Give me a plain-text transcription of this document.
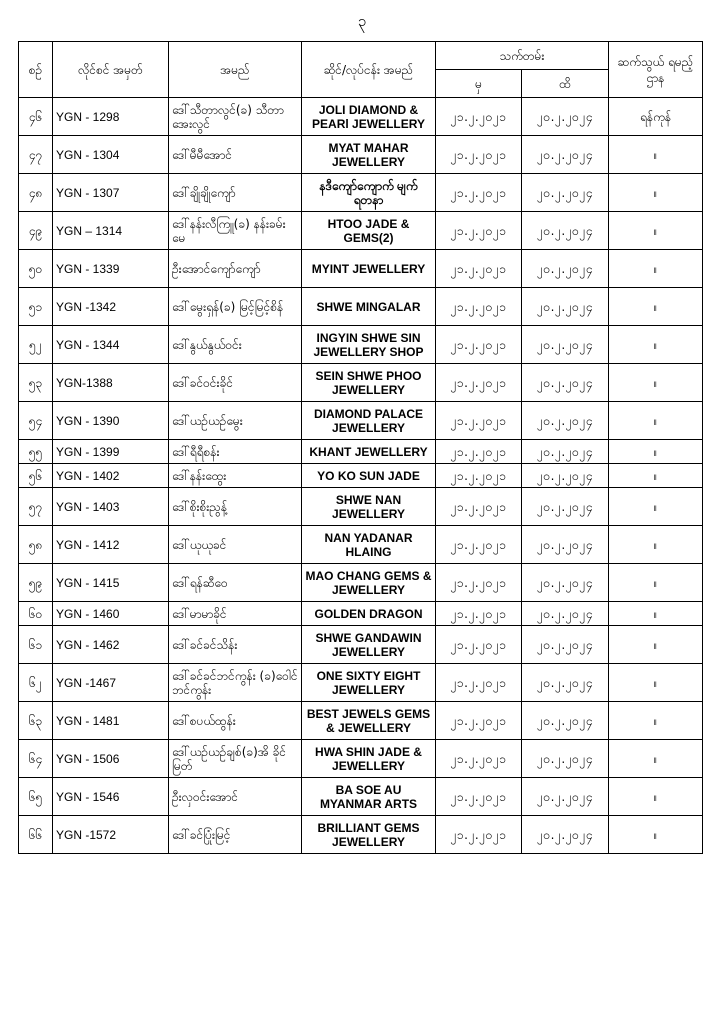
၃
စဉ်	လိုင်စင် အမှတ်	အမည်	ဆိုင်/လုပ်ငန်း အမည်	သက်တမ်း		ဆက်သွယ် ရမည့်ဌာန
				မှ	ထိ	
၄၆	YGN - 1298	ဒေါ်သီတာလွင်(ခ) သီတာအေးလွင်	JOLI DIAMOND & PEARl JEWELLERY	၂၁.၂.၂၀၂၁	၂၀.၂.၂၀၂၄	ရန်ကုန်
၄၇	YGN - 1304	ဒေါ်မီမီအောင်	MYAT MAHAR JEWELLERY	၂၁.၂.၂၀၂၁	၂၀.၂.၂၀၂၄	။
၄၈	YGN - 1307	ဒေါ်ချိုချိုကျော်	နဒီကျော်ကျောက် မျက်ရတနာ	၂၁.၂.၂၀၂၁	၂၀.၂.၂၀၂၄	။
၄၉	YGN – 1314	ဒေါ်နန်းလီကြူ(ခ) နန်းခမ်းမေ	HTOO JADE & GEMS(2)	၂၁.၂.၂၀၂၁	၂၀.၂.၂၀၂၄	။
၅၀	YGN - 1339	ဦးအောင်ကျော်ကျော်	MYINT JEWELLERY	၂၁.၂.၂၀၂၁	၂၀.၂.၂၀၂၄	။
၅၁	YGN -1342	ဒေါ်မွေးရှန်(ခ) မြင့်မြင့်စိန်	SHWE MINGALAR	၂၁.၂.၂၀၂၁	၂၀.၂.၂၀၂၄	။
၅၂	YGN - 1344	ဒေါ်နွယ်နွယ်ဝင်း	INGYIN SHWE SIN JEWELLERY SHOP	၂၁.၂.၂၀၂၁	၂၀.၂.၂၀၂၄	။
၅၃	YGN-1388	ဒေါ်ခင်ဝင်းခိုင်	SEIN SHWE PHOO JEWELLERY	၂၁.၂.၂၀၂၁	၂၀.၂.၂၀၂၄	။
၅၄	YGN - 1390	ဒေါ်ယဉ်ယဉ်မွေး	DIAMOND PALACE JEWELLERY	၂၁.၂.၂၀၂၁	၂၀.၂.၂၀၂၄	။
၅၅	YGN - 1399	ဒေါ်ရီရီစန်း	KHANT JEWELLERY	၂၁.၂.၂၀၂၁	၂၀.၂.၂၀၂၄	။
၅၆	YGN - 1402	ဒေါ်နန်းထွေး	YO KO SUN JADE	၂၁.၂.၂၀၂၁	၂၀.၂.၂၀၂၄	။
၅၇	YGN - 1403	ဒေါ်စိုးစိုးညွန့်	SHWE NAN JEWELLERY	၂၁.၂.၂၀၂၁	၂၀.၂.၂၀၂၄	။
၅၈	YGN - 1412	ဒေါ်ယုယုခင်	NAN YADANAR HLAING	၂၁.၂.၂၀၂၁	၂၀.၂.၂၀၂၄	။
၅၉	YGN - 1415	ဒေါ်ရန်ဆီဝေ	MAO CHANG GEMS & JEWELLERY	၂၁.၂.၂၀၂၁	၂၀.၂.၂၀၂၄	။
၆၀	YGN - 1460	ဒေါ်မာမာခိုင်	GOLDEN DRAGON	၂၁.၂.၂၀၂၁	၂၀.၂.၂၀၂၄	။
၆၁	YGN - 1462	ဒေါ်ခင်ခင်သိန်း	SHWE GANDAWIN JEWELLERY	၂၁.၂.၂၀၂၁	၂၀.၂.၂၀၂၄	။
၆၂	YGN -1467	ဒေါ်ခင်ခင်ဘင်ကွန်း (ခ)ဝေါင်ဘင်ကွန်း	ONE SIXTY EIGHT JEWELLERY	၂၁.၂.၂၀၂၁	၂၀.၂.၂၀၂၄	။
၆၃	YGN - 1481	ဒေါ်စပယ်ထွန်း	BEST JEWELS GEMS & JEWELLERY	၂၁.၂.၂၀၂၁	၂၀.၂.၂၀၂၄	။
၆၄	YGN - 1506	ဒေါ်ယဉ်ယဉ်ချစ်(ခ)အိ ခိုင်မြတ်	HWA SHIN JADE & JEWELLERY	၂၁.၂.၂၀၂၁	၂၀.၂.၂၀၂၄	။
၆၅	YGN - 1546	ဦးလှဝင်းအောင်	BA SOE AU MYANMAR ARTS	၂၁.၂.၂၀၂၁	၂၀.၂.၂၀၂၄	။
၆၆	YGN -1572	ဒေါ်ခင်ပြုံးမြင့်	BRILLIANT GEMS JEWELLERY	၂၁.၂.၂၀၂၁	၂၀.၂.၂၀၂၄	။
